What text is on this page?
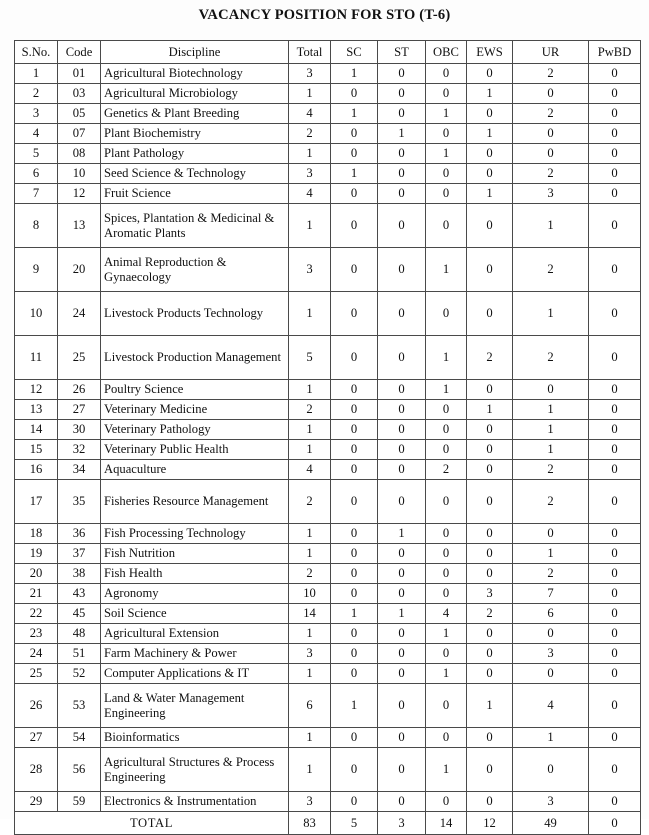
VACANCY POSITION FOR STO (T-6)
S.No.	Code	Discipline	Total	SC	ST	OBC	EWS	UR	PwBD
1	01	Agricultural Biotechnology	3	1	0	0	0	2	0
2	03	Agricultural Microbiology	1	0	0	0	1	0	0
3	05	Genetics & Plant Breeding	4	1	0	1	0	2	0
4	07	Plant Biochemistry	2	0	1	0	1	0	0
5	08	Plant Pathology	1	0	0	1	0	0	0
6	10	Seed Science & Technology	3	1	0	0	0	2	0
7	12	Fruit Science	4	0	0	0	1	3	0
8	13	Spices, Plantation & Medicinal & Aromatic Plants	1	0	0	0	0	1	0
9	20	Animal Reproduction & Gynaecology	3	0	0	1	0	2	0
10	24	Livestock Products Technology	1	0	0	0	0	1	0
11	25	Livestock Production Management	5	0	0	1	2	2	0
12	26	Poultry Science	1	0	0	1	0	0	0
13	27	Veterinary Medicine	2	0	0	0	1	1	0
14	30	Veterinary Pathology	1	0	0	0	0	1	0
15	32	Veterinary Public Health	1	0	0	0	0	1	0
16	34	Aquaculture	4	0	0	2	0	2	0
17	35	Fisheries Resource Management	2	0	0	0	0	2	0
18	36	Fish Processing Technology	1	0	1	0	0	0	0
19	37	Fish Nutrition	1	0	0	0	0	1	0
20	38	Fish Health	2	0	0	0	0	2	0
21	43	Agronomy	10	0	0	0	3	7	0
22	45	Soil Science	14	1	1	4	2	6	0
23	48	Agricultural Extension	1	0	0	1	0	0	0
24	51	Farm Machinery & Power	3	0	0	0	0	3	0
25	52	Computer Applications & IT	1	0	0	1	0	0	0
26	53	Land & Water Management Engineering	6	1	0	0	1	4	0
27	54	Bioinformatics	1	0	0	0	0	1	0
28	56	Agricultural Structures & Process Engineering	1	0	0	1	0	0	0
29	59	Electronics & Instrumentation	3	0	0	0	0	3	0
TOTAL			83	5	3	14	12	49	0
